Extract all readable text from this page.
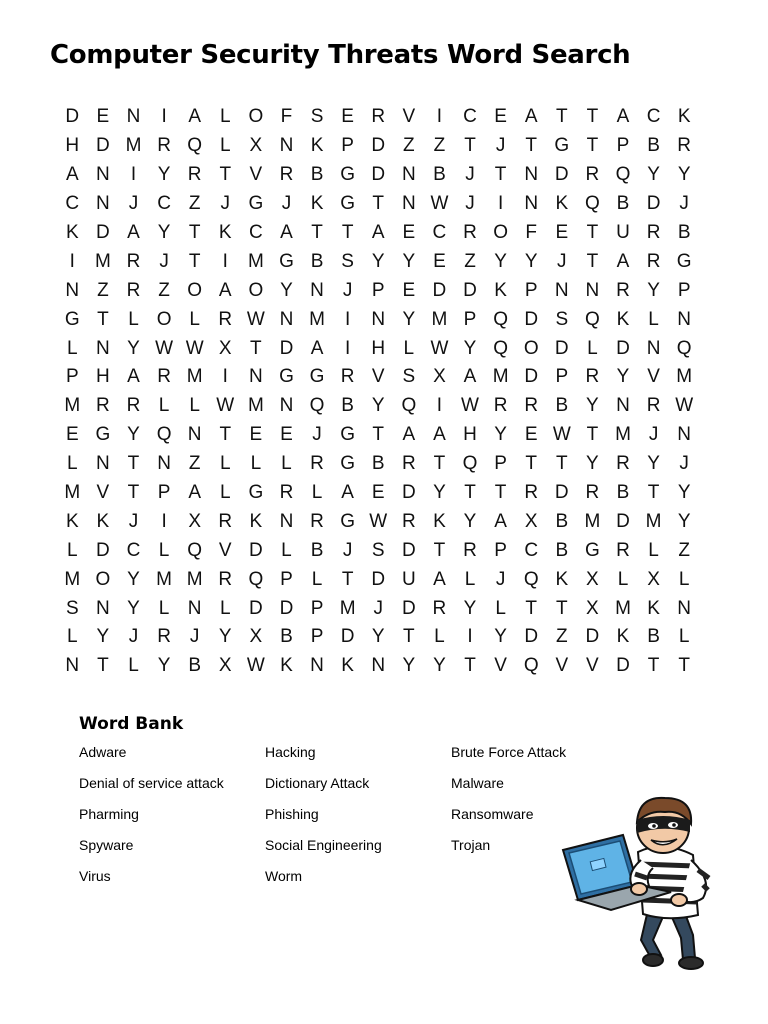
Computer Security Threats Word Search
D E N	I	A L O F S E R V	I	C E A T T A C K
H D M R Q L X N K P D Z Z T	J	T G T P B R
A N	I	Y R T V R B G D N B	J	T N D R Q Y Y
C N J C Z	J G J	K G T N W J	I	N K Q B D J
K D A Y T K C A T T A E C R O F E T U R B
I	M R J	T	I	M G B S Y Y E Z Y Y	J	T A R G
N Z R Z O A O Y N J	P E D D K P N N R Y P
G T	L O L R W N M	I	N Y M P Q D S Q K L N
L N Y W W X T D A	I	H L W Y Q O D L D N Q
P H A R M	I	N G G R V S X A M D P R Y V M
M R R L	L W M N Q B Y Q	I W R R B Y N R W
E G Y Q N T E E	J G T A A H Y E W T M J N
L N T N Z	L	L	L R G B R T Q P T T Y R Y	J
M V T P A L G R L A E D Y T T R D R B T Y
K K	J	I	X R K N R G W R K Y A X B M D M Y
L D C L Q V D L B	J	S D T R P C B G R L	Z
M O Y M M R Q P L	T D U A L	J Q K X L X L
S N Y L N L D D P M J D R Y L	T T X M K N
L Y	J R J	Y X B P D Y T	L	I	Y D Z D K B L
N T	L Y B X W K N K N Y Y T V Q V V D T T
Word Bank
Adware	Hacking	Brute Force Attack
Denial of service attack	Dictionary Attack	Malware
Pharming	Phishing	Ransomware
Spyware	Social Engineering	Trojan
Virus	Worm
